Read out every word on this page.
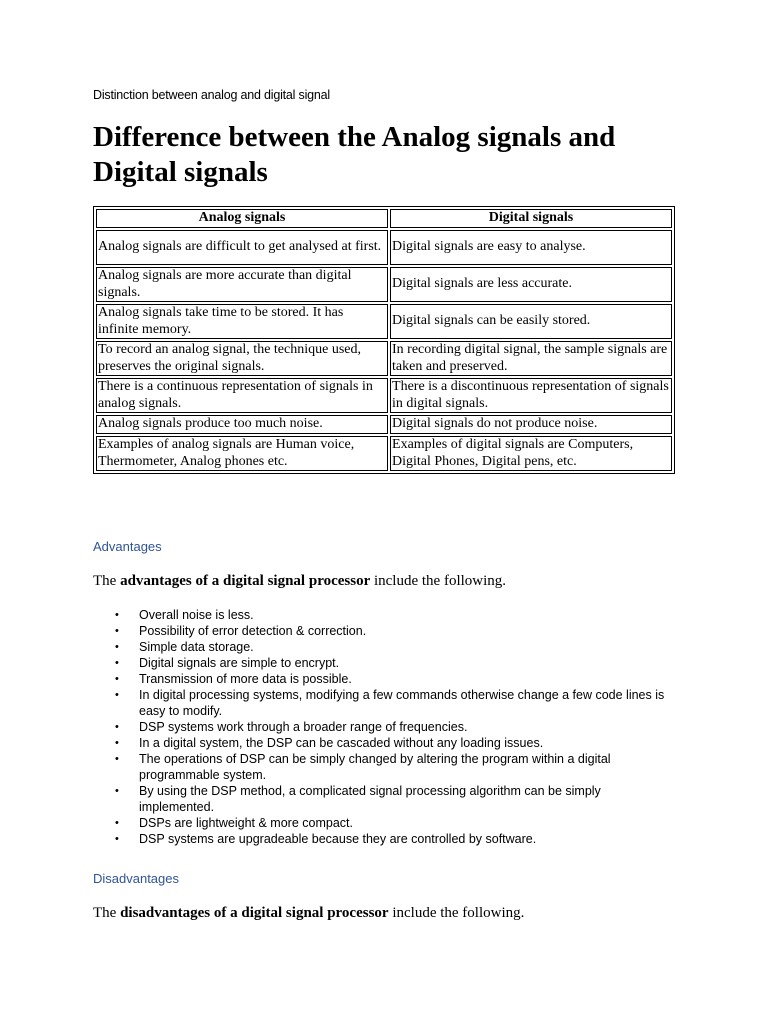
Distinction between analog and digital signal
Difference between the Analog signals and Digital signals
Analog signals	Digital signals
Analog signals are difficult to get analysed at first.	Digital signals are easy to analyse.
Analog signals are more accurate than digital signals.	Digital signals are less accurate.
Analog signals take time to be stored. It has infinite memory.	Digital signals can be easily stored.
To record an analog signal, the technique used, preserves the original signals.	In recording digital signal, the sample signals are taken and preserved.
There is a continuous representation of signals in analog signals.	There is a discontinuous representation of signals in digital signals.
Analog signals produce too much noise.	Digital signals do not produce noise.
Examples of analog signals are Human voice, Thermometer, Analog phones etc.	Examples of digital signals are Computers, Digital Phones, Digital pens, etc.
Advantages
The advantages of a digital signal processor include the following.
• Overall noise is less.
• Possibility of error detection & correction.
• Simple data storage.
• Digital signals are simple to encrypt.
• Transmission of more data is possible.
• In digital processing systems, modifying a few commands otherwise change a few code lines is easy to modify.
• DSP systems work through a broader range of frequencies.
• In a digital system, the DSP can be cascaded without any loading issues.
• The operations of DSP can be simply changed by altering the program within a digital programmable system.
• By using the DSP method, a complicated signal processing algorithm can be simply implemented.
• DSPs are lightweight & more compact.
• DSP systems are upgradeable because they are controlled by software.
Disadvantages
The disadvantages of a digital signal processor include the following.
